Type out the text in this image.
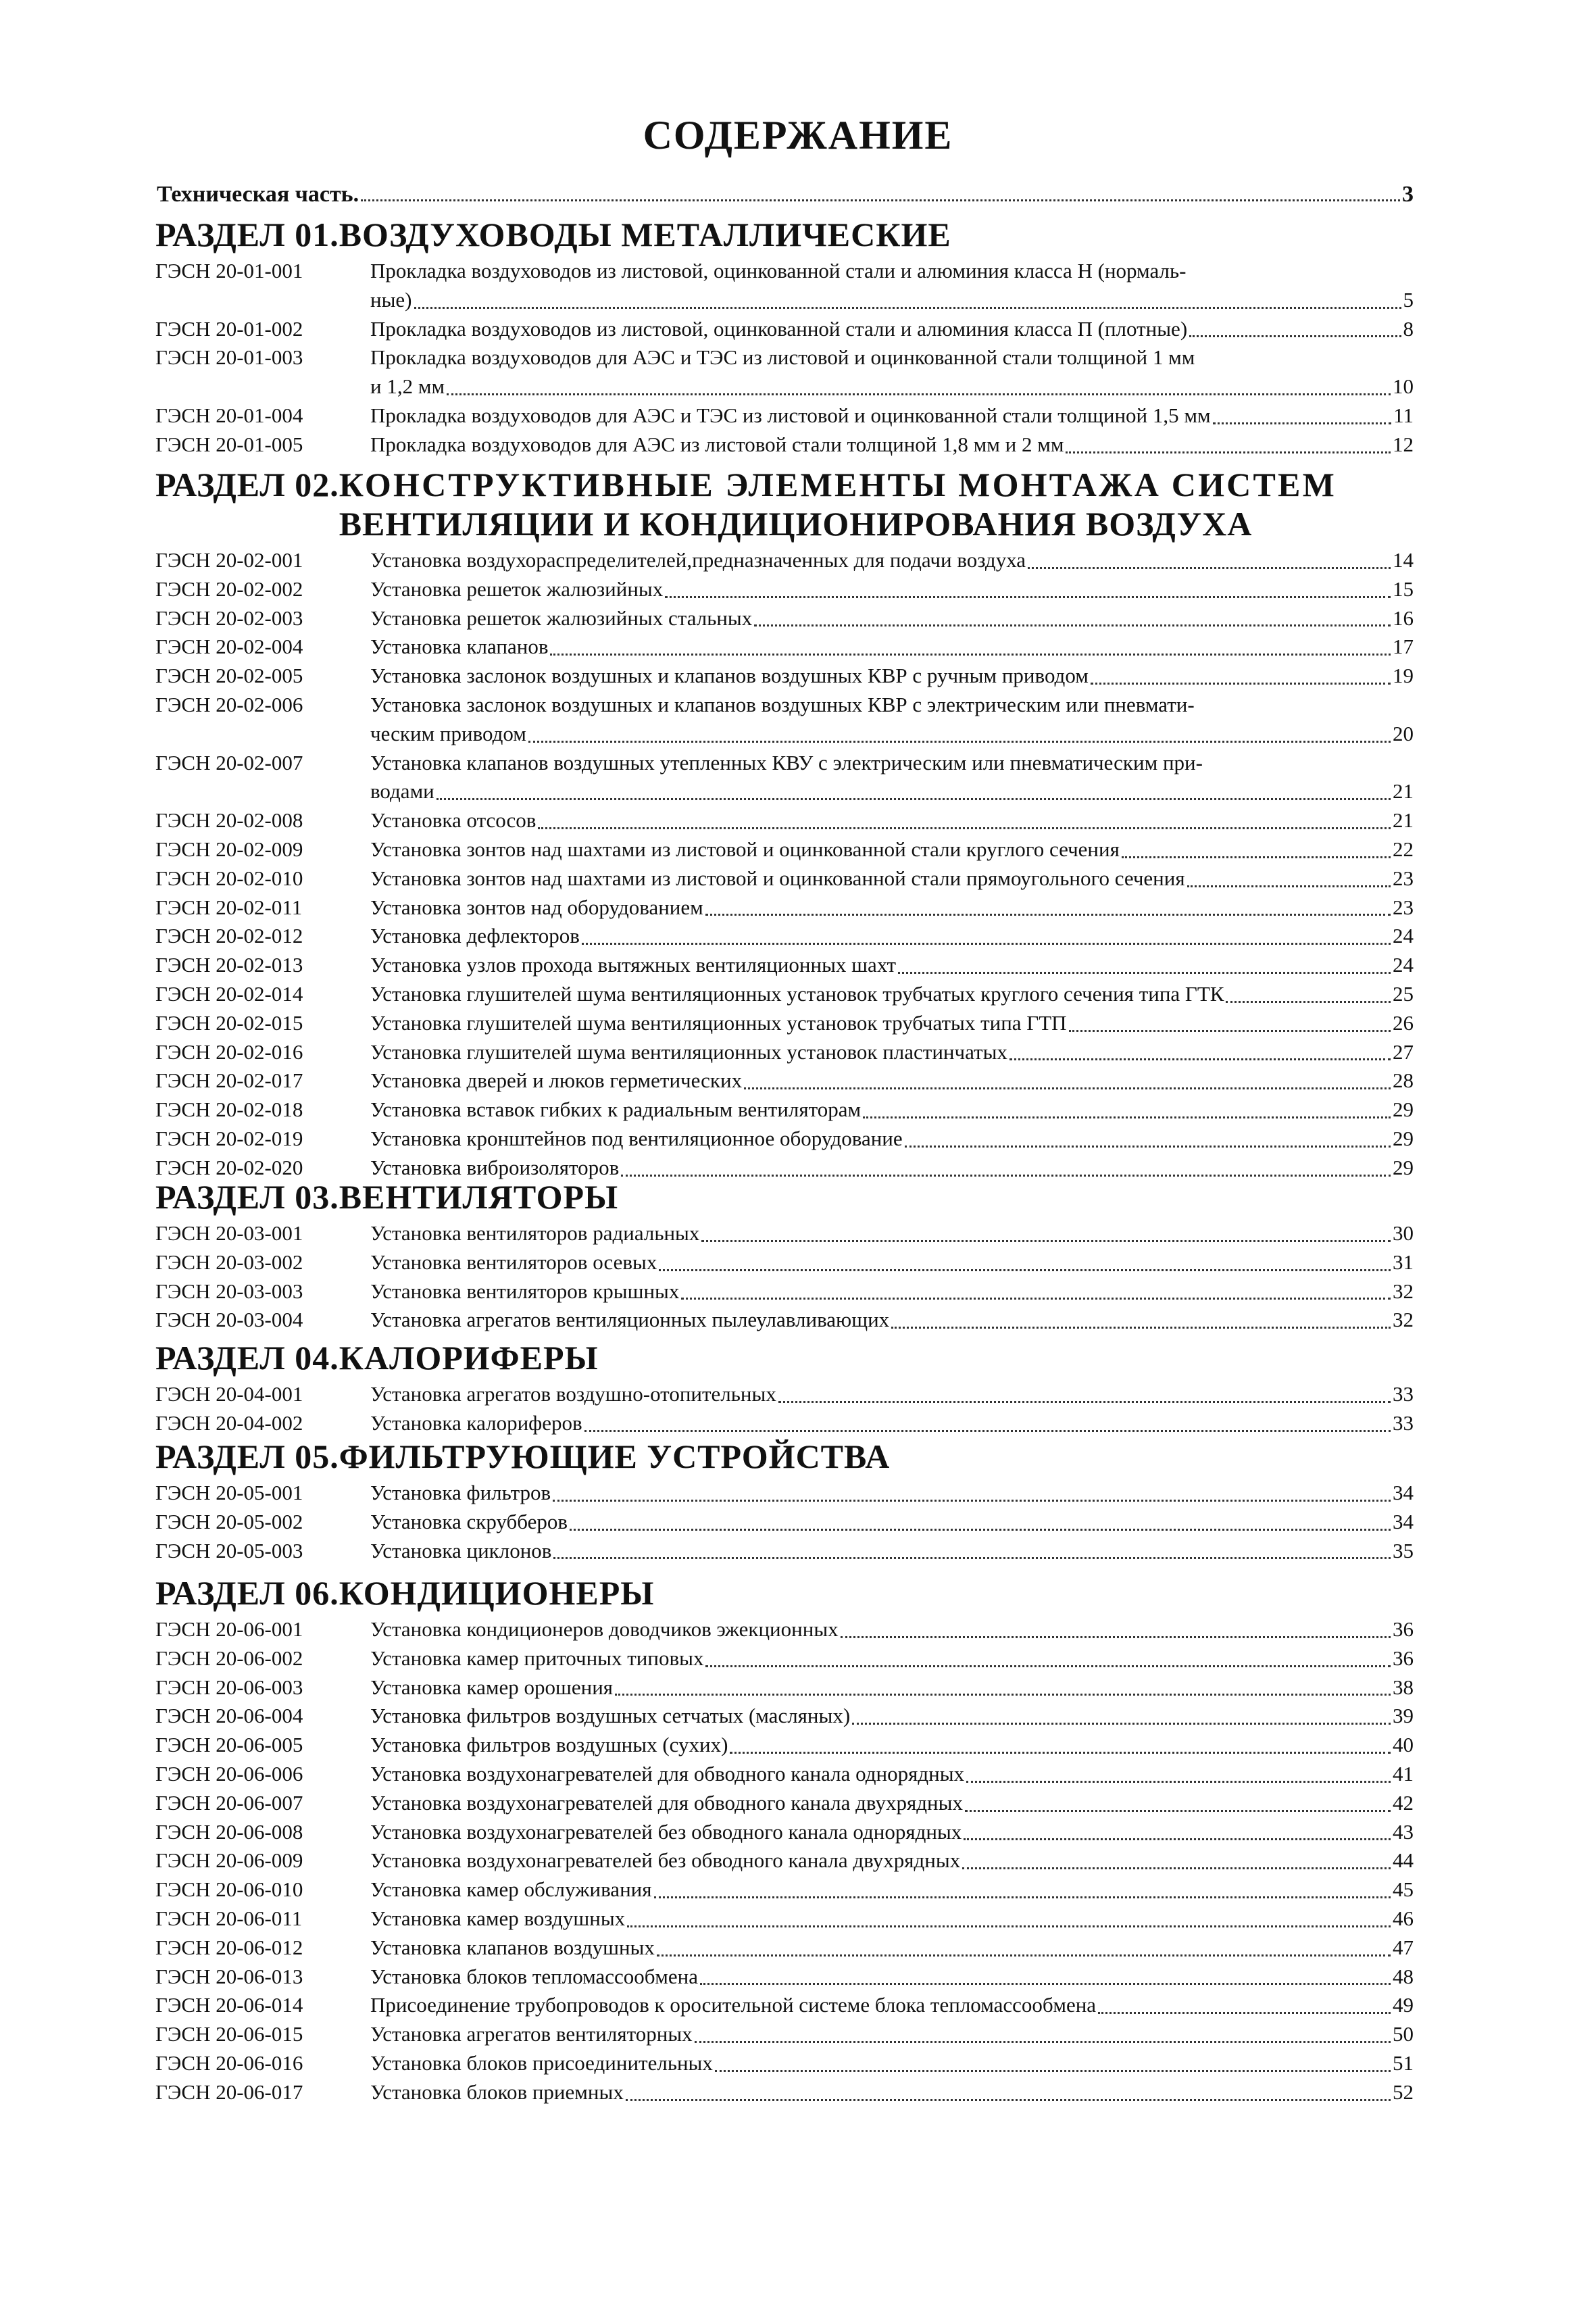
СОДЕРЖАНИЕ
Техническая часть.	3
РАЗДЕЛ 01. ВОЗДУХОВОДЫ МЕТАЛЛИЧЕСКИЕ
ГЭСН 20-01-001	Прокладка воздуховодов из листовой, оцинкованной стали и алюминия класса Н (нормаль-
ные)	5
ГЭСН 20-01-002	Прокладка воздуховодов из листовой, оцинкованной стали и алюминия класса П (плотные)	8
ГЭСН 20-01-003	Прокладка воздуховодов для АЭС и ТЭС из листовой и оцинкованной стали толщиной 1 мм
и 1,2 мм	10
ГЭСН 20-01-004	Прокладка воздуховодов для АЭС и ТЭС из листовой и оцинкованной стали толщиной 1,5 мм	11
ГЭСН 20-01-005	Прокладка воздуховодов для АЭС из листовой стали толщиной 1,8 мм и 2 мм	12
РАЗДЕЛ 02. КОНСТРУКТИВНЫЕ ЭЛЕМЕНТЫ МОНТАЖА СИСТЕМ
ВЕНТИЛЯЦИИ И КОНДИЦИОНИРОВАНИЯ ВОЗДУХА
ГЭСН 20-02-001	Установка воздухораспределителей,предназначенных для подачи воздуха	14
ГЭСН 20-02-002	Установка решеток жалюзийных	15
ГЭСН 20-02-003	Установка решеток жалюзийных стальных	16
ГЭСН 20-02-004	Установка клапанов	17
ГЭСН 20-02-005	Установка заслонок воздушных и клапанов воздушных КВР с ручным приводом	19
ГЭСН 20-02-006	Установка заслонок воздушных и клапанов воздушных КВР с электрическим или пневмати-
ческим приводом	20
ГЭСН 20-02-007	Установка клапанов воздушных утепленных КВУ с электрическим или пневматическим при-
водами	21
ГЭСН 20-02-008	Установка отсосов	21
ГЭСН 20-02-009	Установка зонтов над шахтами из листовой и оцинкованной стали круглого сечения	22
ГЭСН 20-02-010	Установка зонтов над шахтами из листовой и оцинкованной стали прямоугольного сечения	23
ГЭСН 20-02-011	Установка зонтов над оборудованием	23
ГЭСН 20-02-012	Установка дефлекторов	24
ГЭСН 20-02-013	Установка узлов прохода вытяжных вентиляционных шахт	24
ГЭСН 20-02-014	Установка глушителей шума вентиляционных установок трубчатых круглого сечения типа ГТК	25
ГЭСН 20-02-015	Установка глушителей шума вентиляционных установок трубчатых типа ГТП	26
ГЭСН 20-02-016	Установка глушителей шума вентиляционных установок пластинчатых	27
ГЭСН 20-02-017	Установка дверей и люков герметических	28
ГЭСН 20-02-018	Установка вставок гибких к радиальным вентиляторам	29
ГЭСН 20-02-019	Установка кронштейнов под вентиляционное оборудование	29
ГЭСН 20-02-020	Установка виброизоляторов	29
РАЗДЕЛ 03. ВЕНТИЛЯТОРЫ
ГЭСН 20-03-001	Установка вентиляторов радиальных	30
ГЭСН 20-03-002	Установка вентиляторов осевых	31
ГЭСН 20-03-003	Установка вентиляторов крышных	32
ГЭСН 20-03-004	Установка агрегатов вентиляционных пылеулавливающих	32
РАЗДЕЛ 04. КАЛОРИФЕРЫ
ГЭСН 20-04-001	Установка агрегатов воздушно-отопительных	33
ГЭСН 20-04-002	Установка калориферов	33
РАЗДЕЛ 05. ФИЛЬТРУЮЩИЕ УСТРОЙСТВА
ГЭСН 20-05-001	Установка фильтров	34
ГЭСН 20-05-002	Установка скрубберов	34
ГЭСН 20-05-003	Установка циклонов	35
РАЗДЕЛ 06. КОНДИЦИОНЕРЫ
ГЭСН 20-06-001	Установка кондиционеров доводчиков эжекционных	36
ГЭСН 20-06-002	Установка камер приточных типовых	36
ГЭСН 20-06-003	Установка камер орошения	38
ГЭСН 20-06-004	Установка фильтров воздушных сетчатых (масляных)	39
ГЭСН 20-06-005	Установка фильтров воздушных (сухих)	40
ГЭСН 20-06-006	Установка воздухонагревателей для обводного канала однорядных	41
ГЭСН 20-06-007	Установка воздухонагревателей для обводного канала двухрядных	42
ГЭСН 20-06-008	Установка воздухонагревателей без обводного канала однорядных	43
ГЭСН 20-06-009	Установка воздухонагревателей без обводного канала двухрядных	44
ГЭСН 20-06-010	Установка камер обслуживания	45
ГЭСН 20-06-011	Установка камер воздушных	46
ГЭСН 20-06-012	Установка клапанов воздушных	47
ГЭСН 20-06-013	Установка блоков тепломассообмена	48
ГЭСН 20-06-014	Присоединение трубопроводов к оросительной системе блока тепломассообмена	49
ГЭСН 20-06-015	Установка агрегатов вентиляторных	50
ГЭСН 20-06-016	Установка блоков присоединительных	51
ГЭСН 20-06-017	Установка блоков приемных	52
